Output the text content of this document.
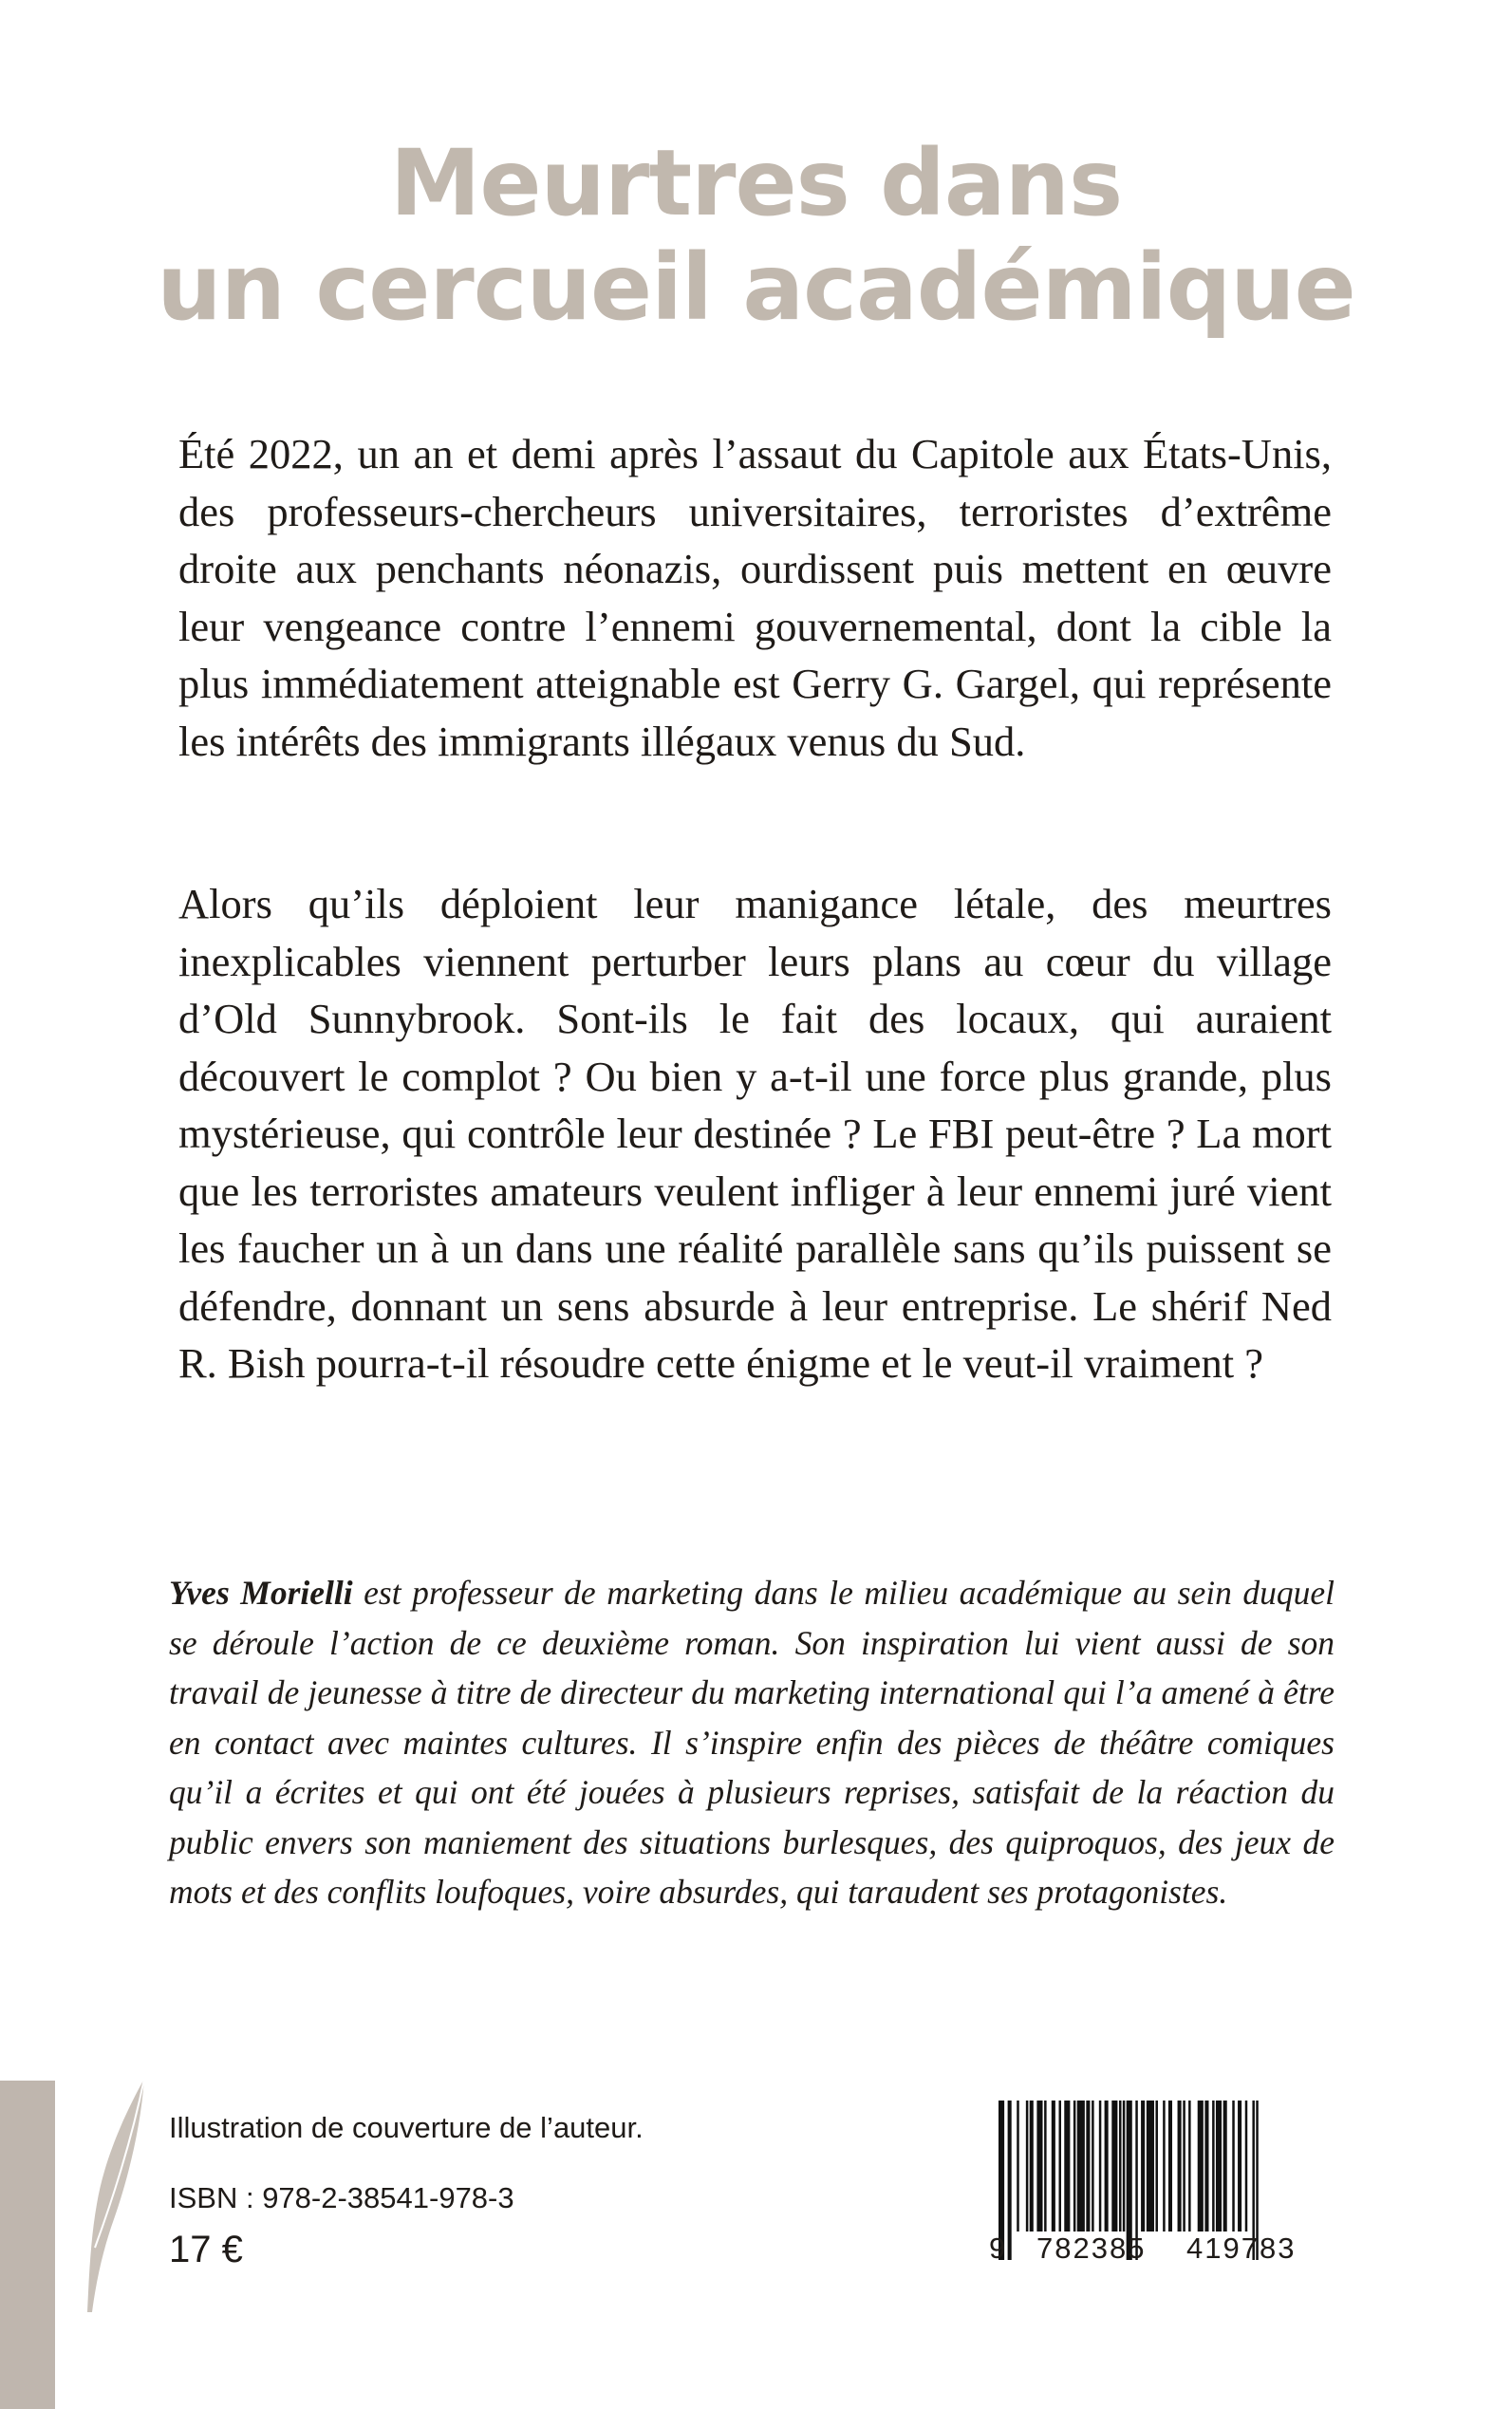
Meurtres dans
un cercueil académique

Été 2022, un an et demi après l’assaut du Capitole aux États-Unis, des professeurs-chercheurs universitaires, terroristes d’extrême droite aux penchants néonazis, ourdissent puis mettent en œuvre leur vengeance contre l’ennemi gouvernemental, dont la cible la plus immédiatement atteignable est Gerry G. Gargel, qui représente les intérêts des immigrants illégaux venus du Sud.

Alors qu’ils déploient leur manigance létale, des meurtres inexplicables viennent perturber leurs plans au cœur du village d’Old Sunnybrook. Sont-ils le fait des locaux, qui auraient découvert le complot ? Ou bien y a-t-il une force plus grande, plus mystérieuse, qui contrôle leur destinée ? Le FBI peut-être ? La mort que les terroristes amateurs veulent infliger à leur ennemi juré vient les faucher un à un dans une réalité parallèle sans qu’ils puissent se défendre, donnant un sens absurde à leur entreprise. Le shérif Ned R. Bish pourra-t-il résoudre cette énigme et le veut-il vraiment ?

Yves Morielli est professeur de marketing dans le milieu académique au sein duquel se déroule l’action de ce deuxième roman. Son inspiration lui vient aussi de son travail de jeunesse à titre de directeur du marketing international qui l’a amené à être en contact avec maintes cultures. Il s’inspire enfin des pièces de théâtre comiques qu’il a écrites et qui ont été jouées à plusieurs reprises, satisfait de la réaction du public envers son maniement des situations burlesques, des quiproquos, des jeux de mots et des conflits loufoques, voire absurdes, qui taraudent ses protagonistes.

Illustration de couverture de l’auteur.
ISBN : 978-2-38541-978-3
17 €	9 782385 419783
